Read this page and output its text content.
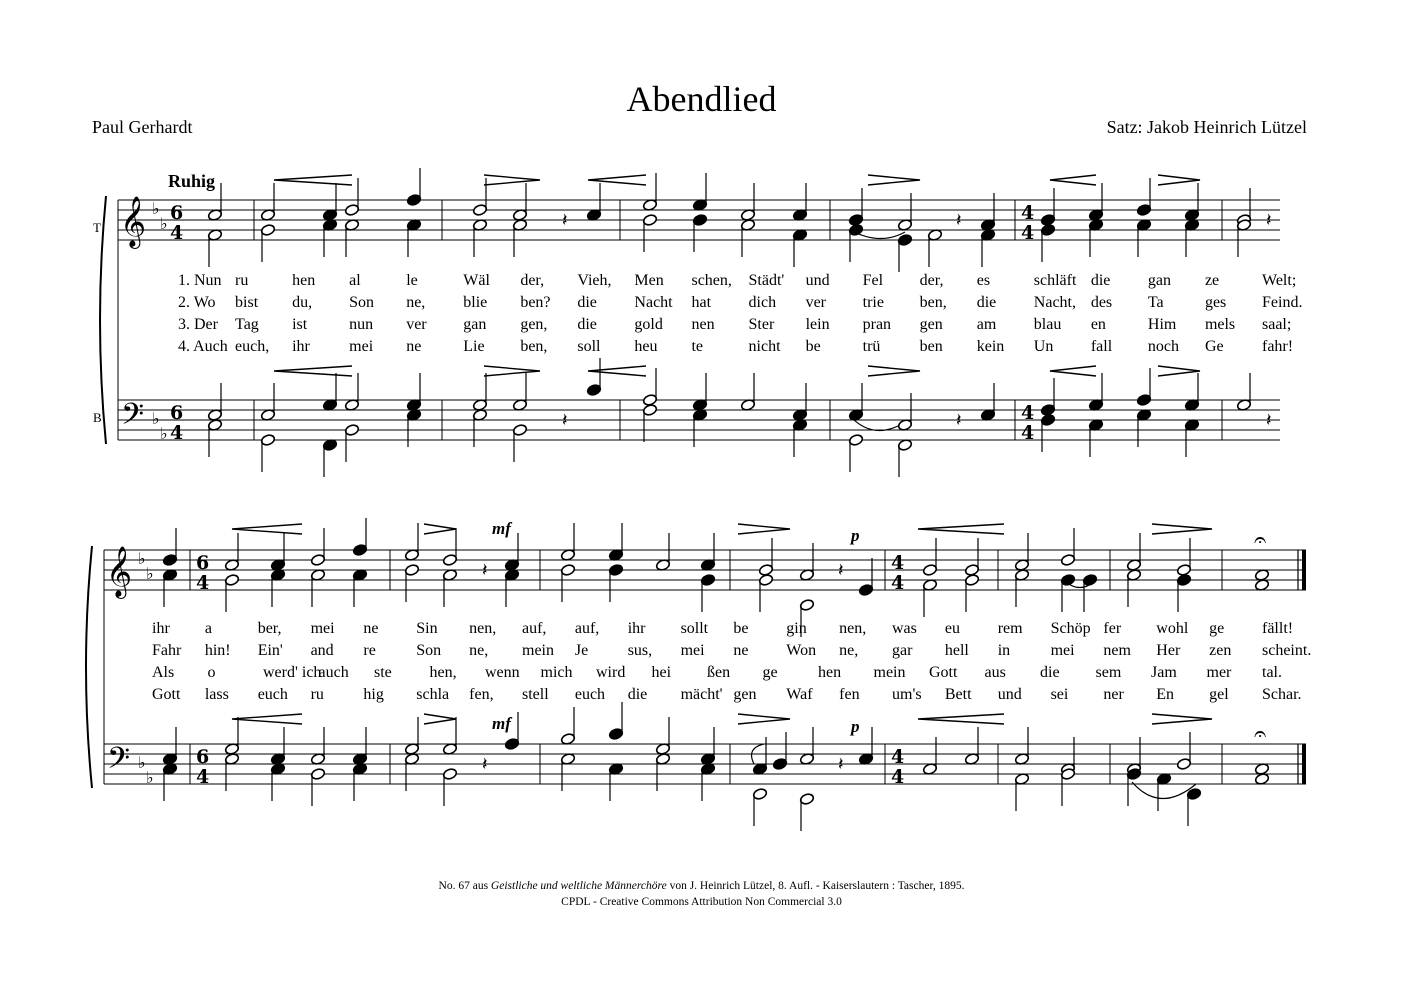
Abendlied
Paul Gerhardt	Satz: Jakob Heinrich Lützel
Ruhig
T
B
mf	p
mf	p
𝄞
𝄢
♭
♭
♭
♭
6
4
6
4
4
4
4
4
𝄽	𝄽	𝄽
𝄽	𝄽	𝄽
𝄞
𝄢
♭
♭
♭
♭
6
4
6
4
4
4
4
4
𝄽	𝄽
𝄽	𝄽
𝄐
𝄐
1. Nun ru	hen al	le	Wäl der, Vieh, Men schen, Städt' und Fel der, es	schläft die gan ze	Welt;
2. Wo bist du, Son ne, blie ben? die Nacht hat dich ver trie ben, die Nacht, des Ta	ges Feind.
3. Der Tag ist	nun ver gan gen, die gold nen Ster lein pran gen am blau en	Him mels saal;
4. Auch euch, ihr mei ne	Lie ben, soll heu te	nicht be	trü ben kein Un fall noch Ge fahr!
ihr a	ber, mei ne Sin nen, auf, auf, ihr sollt be gin nen, was eu rem Schöp fer wohl ge fällt!
Fahr hin! Ein' and re	Son ne, mein Je sus, mei ne Won ne, gar hell in	mei nem Her zen scheint.
Als o	werd' ich
auch ste hen, wenn mich wird hei ßen ge	hen mein Gott aus die sem Jam mer tal.
Gott lass euch ru hig schla fen, stell euch die mächt' gen Waf fen um's Bett und sei ner En gel Schar.
No. 67 aus Geistliche und weltliche Männerchöre von J. Heinrich Lützel, 8. Aufl. - Kaiserslautern : Tascher, 1895.
CPDL - Creative Commons Attribution Non Commercial 3.0
